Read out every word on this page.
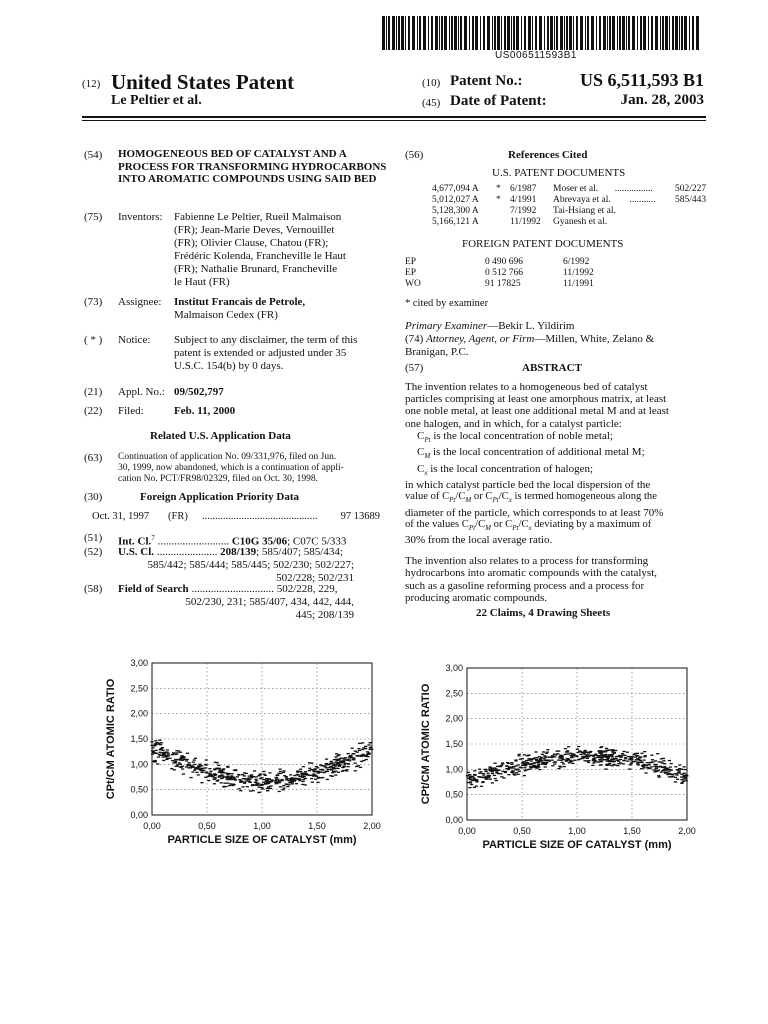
US006511593B1
(12) United States Patent
Le Peltier et al.
(10) Patent No.:	US 6,511,593 B1
(45) Date of Patent:	Jan. 28, 2003
(54) HOMOGENEOUS BED OF CATALYST AND A PROCESS FOR TRANSFORMING HYDROCARBONS INTO AROMATIC COMPOUNDS USING SAID BED
(75) Inventors: Fabienne Le Peltier, Rueil Malmaison
(FR); Jean-Marie Deves, Vernouillet
(FR); Olivier Clause, Chatou (FR);
Frédéric Kolenda, Francheville le Haut
(FR); Nathalie Brunard, Francheville
le Haut (FR)
(73) Assignee: Institut Francais de Petrole,
Malmaison Cedex (FR)
( * ) Notice: Subject to any disclaimer, the term of this
patent is extended or adjusted under 35
U.S.C. 154(b) by 0 days.
(21) Appl. No.: 09/502,797
(22) Filed:	Feb. 11, 2000
Related U.S. Application Data
(63) Continuation of application No. 09/331,976, filed on Jun.
30, 1999, now abandoned, which is a continuation of appli-
cation No. PCT/FR98/02329, filed on Oct. 30, 1998.
(30)	Foreign Application Priority Data
Oct. 31, 1997 (FR) ............................................ 97 13689
(51) Int. Cl.$^7$ .......................... C10G 35/06; C07C 5/333
(52) U.S. Cl. ...................... 208/139; 585/407; 585/434;
585/442; 585/444; 585/445; 502/230; 502/227;
502/228; 502/231
(58) Field of Search .............................. 502/228, 229,
502/230, 231; 585/407, 434, 442, 444,
445; 208/139
(56)	References Cited
U.S. PATENT DOCUMENTS
4,677,094 A * 6/1987 Moser et al. ................ 502/227
5,012,027 A * 4/1991 Abrevaya et al. ........... 585/443
5,128,300 A	7/1992 Tai-Hsiang et al.
5,166,121 A	11/1992 Gyanesh et al.
FOREIGN PATENT DOCUMENTS
EP	0 490 696	6/1992
EP	0 512 766	11/1992
WO	91 17825	11/1991
* cited by examiner
Primary Examiner—Bekir L. Yildirim
(74) Attorney, Agent, or Firm—Millen, White, Zelano &
Branigan, P.C.
(57)	ABSTRACT
The invention relates to a homogeneous bed of catalyst
particles comprising at least one amorphous matrix, at least
one noble metal, at least one additional metal M and at least
one halogen, and in which, for a catalyst particle:
$C_{Pt}$ is the local concentration of noble metal;
$C_M$ is the local concentration of additional metal M;
$C_x$ is the local concentration of halogen;
in which catalyst particle bed the local dispersion of the
value of $C_{Pt}/C_M$ or $C_{Pt}/C_x$ is termed homogeneous along the
diameter of the particle, which corresponds to at least 70%
of the values $C_{Pt}/C_M$ or $C_{Pt}/C_x$ deviating by a maximum of
30% from the local average ratio.
The invention also relates to a process for transforming
hydrocarbons into aromatic compounds with the catalyst,
such as a gasoline reforming process and a process for
producing aromatic compounds.
22 Claims, 4 Drawing Sheets
0,00
0,50
1,00
1,50
2,00
2,50
3,00
0,00	0,50	1,00	1,50	2,00
PARTICLE SIZE OF CATALYST (mm)
CPt/CM ATOMIC RATIO
0,00
0,50
1,00
1,50
2,00
2,50
3,00
0,00	0,50	1,00	1,50	2,00
PARTICLE SIZE OF CATALYST (mm)
CPt/CM ATOMIC RATIO
